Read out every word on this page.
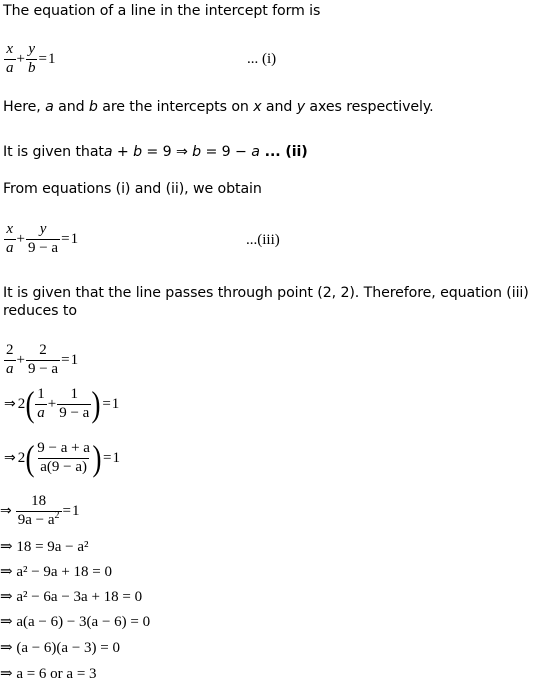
The equation of a line in the intercept form is
$\frac{x}{a} + \frac{y}{b} = 1$	... (i)
Here, a and b are the intercepts on x and y axes respectively.
It is given thata + b = 9 ⇒ b = 9 − a ... (ii)
From equations (i) and (ii), we obtain
$\frac{x}{a} + \frac{y}{9 - a} = 1$	...(iii)
It is given that the line passes through point (2, 2). Therefore, equation (iii)
reduces to
$\frac{2}{a} + \frac{2}{9 - a} = 1$
⇒ 2 ( $\frac{1}{a} + \frac{1}{9 - a}$ ) = 1
⇒ 2 ( $\frac{9 - a + a}{a(9 - a)}$ ) = 1
⇒ $\frac{18}{9a - a^2} = 1$
⇒ 18 = 9a − a²
⇒ a² − 9a + 18 = 0
⇒ a² − 6a − 3a + 18 = 0
⇒ a(a − 6) − 3(a − 6) = 0
⇒ (a − 6)(a − 3) = 0
⇒ a = 6 or a = 3
